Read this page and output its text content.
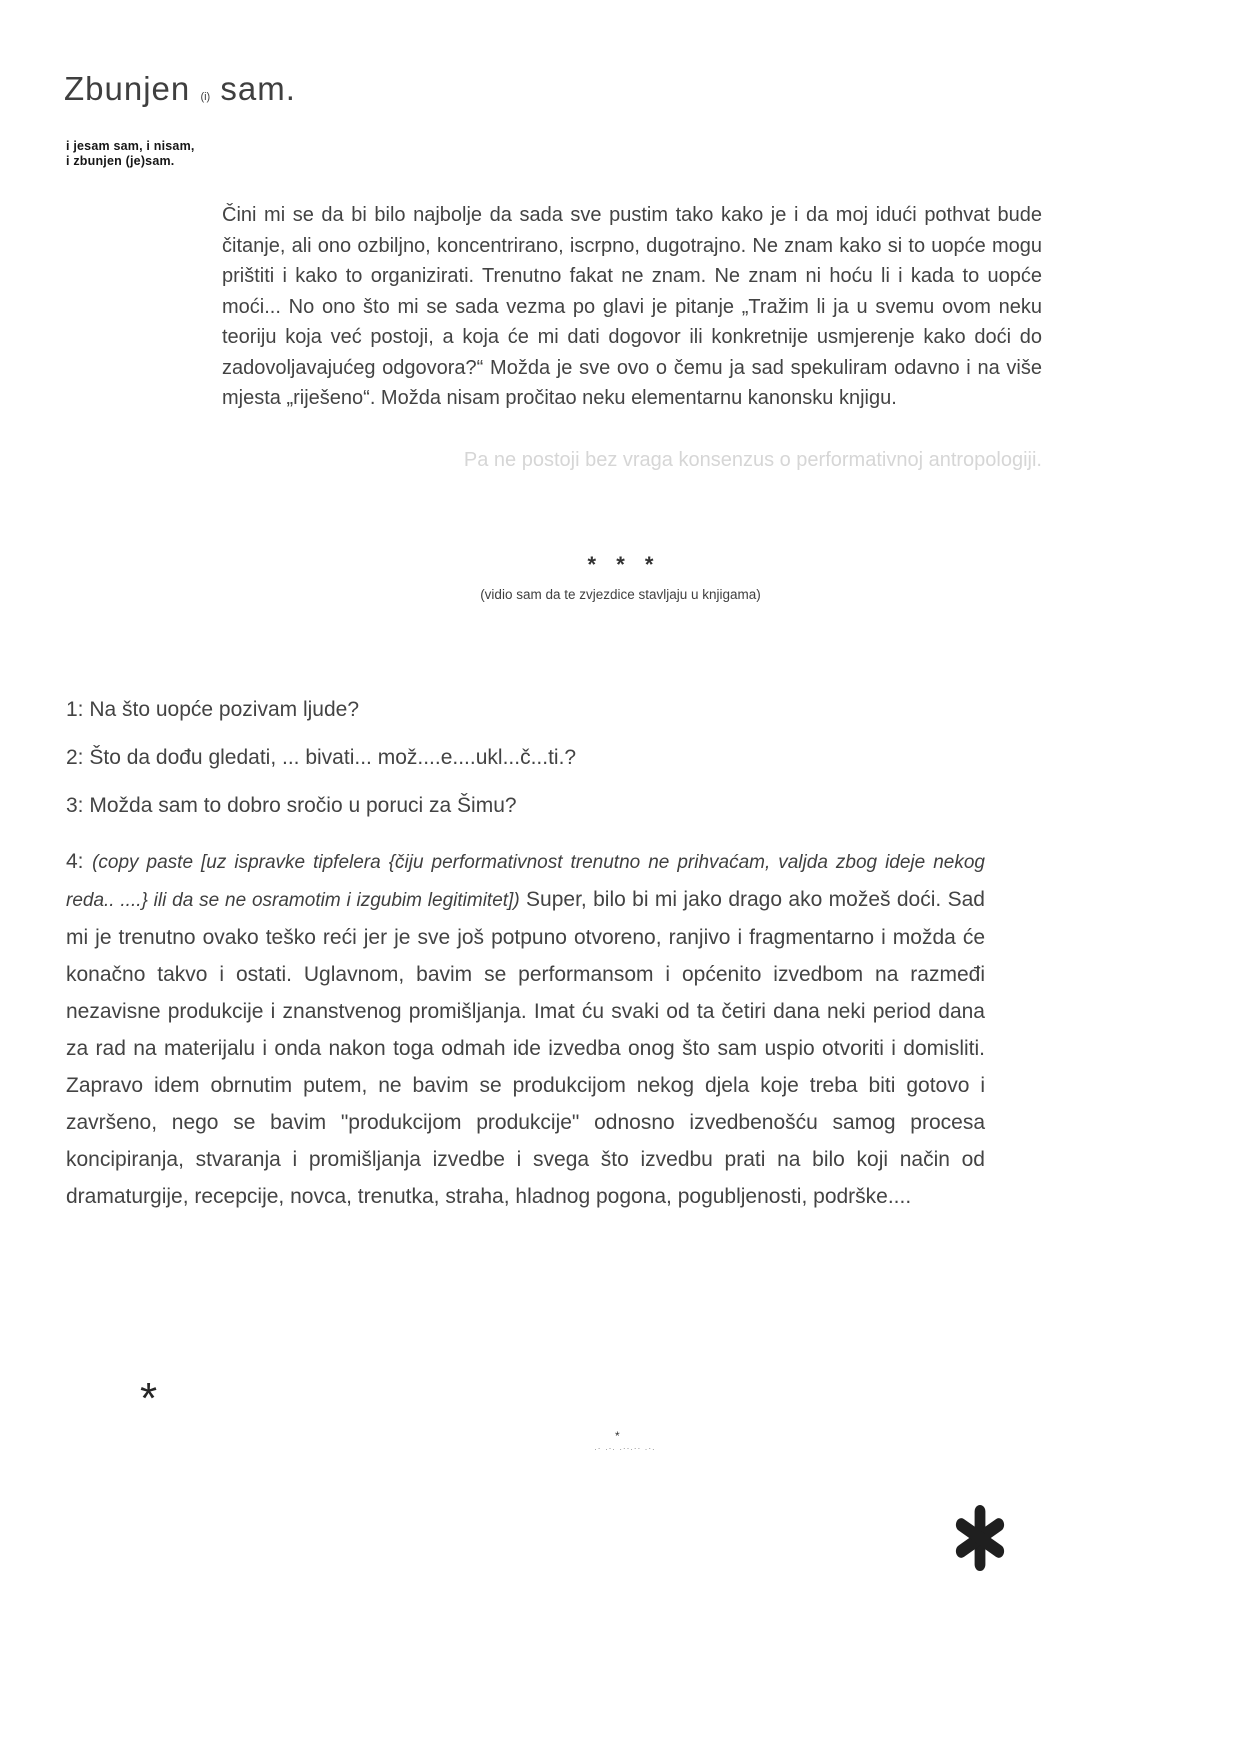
Zbunjen (i) sam.
i jesam sam, i nisam,
i zbunjen (je)sam.
Čini mi se da bi bilo najbolje da sada sve pustim tako kako je i da moj idući pothvat bude čitanje, ali ono ozbiljno, koncentrirano, iscrpno, dugotrajno. Ne znam kako si to uopće mogu prištiti i kako to organizirati. Trenutno fakat ne znam. Ne znam ni hoću li i kada to uopće moći... No ono što mi se sada vezma po glavi je pitanje „Tražim li ja u svemu ovom neku teoriju koja već postoji, a koja će mi dati dogovor ili konkretnije usmjerenje kako doći do zadovoljavajućeg odgovora?“ Možda je sve ovo o čemu ja sad spekuliram odavno i na više mjesta „riješeno“. Možda nisam pročitao neku elementarnu kanonsku knjigu.
Pa ne postoji bez vraga konsenzus o performativnoj antropologiji.
* * *
(vidio sam da te zvjezdice stavljaju u knjigama)
1: Na što uopće pozivam ljude?
2: Što da dođu gledati, ... bivati... mož....e....ukl...č...ti.?
3: Možda sam to dobro sročio u poruci za Šimu?
4: (copy paste [uz ispravke tipfelera {čiju performativnost trenutno ne prihvaćam, valjda zbog ideje nekog reda.. ....} ili da se ne osramotim i izgubim legitimitet]) Super, bilo bi mi jako drago ako možeš doći. Sad mi je trenutno ovako teško reći jer je sve još potpuno otvoreno, ranjivo i fragmentarno i možda će konačno takvo i ostati. Uglavnom, bavim se performansom i općenito izvedbom na razmeđi nezavisne produkcije i znanstvenog promišljanja. Imat ću svaki od ta četiri dana neki period dana za rad na materijalu i onda nakon toga odmah ide izvedba onog što sam uspio otvoriti i domisliti. Zapravo idem obrnutim putem, ne bavim se produkcijom nekog djela koje treba biti gotovo i završeno, nego se bavim "produkcijom produkcije" odnosno izvedbenošću samog procesa koncipiranja, stvaranja i promišljanja izvedbe i svega što izvedbu prati na bilo koji način od dramaturgije, recepcije, novca, trenutka, straha, hladnog pogona, pogubljenosti, podrške....
*
*
.- .-. .--.-- .-.
